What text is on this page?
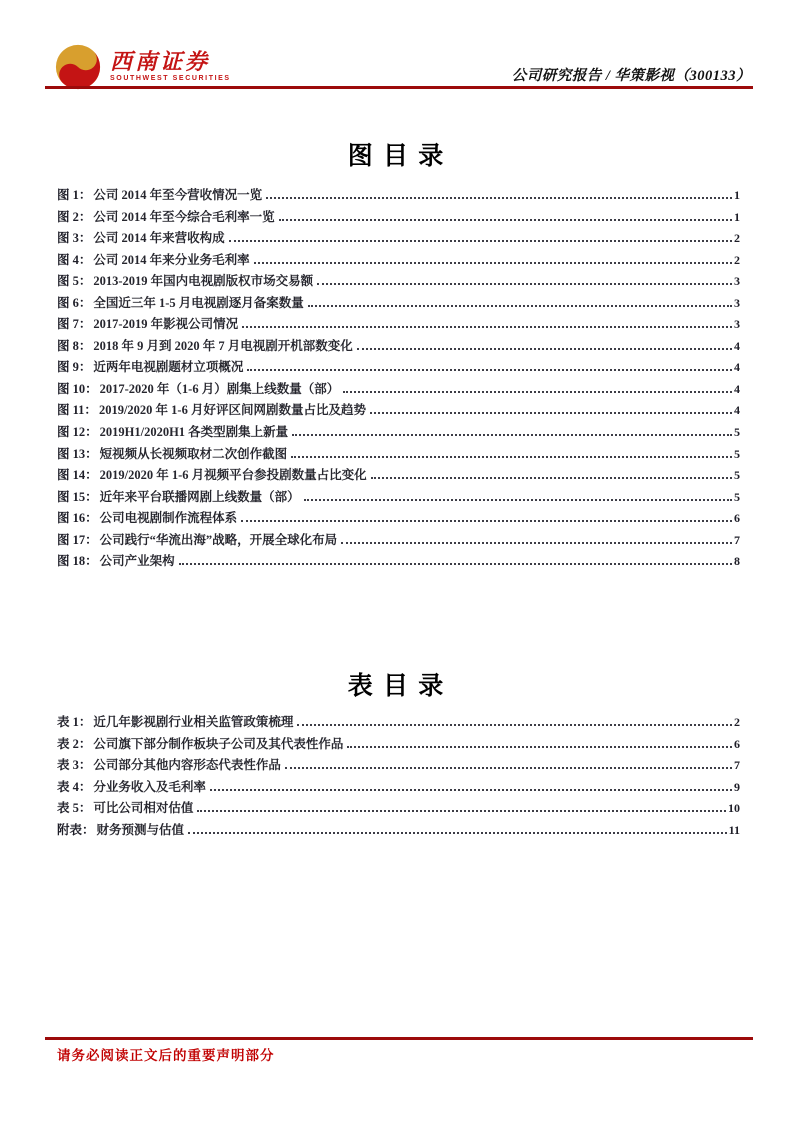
西南证券
SOUTHWEST SECURITIES	公司研究报告 / 华策影视（300133）
图 目 录
图 1： 公司 2014 年至今营收情况一览	1
图 2： 公司 2014 年至今综合毛利率一览	1
图 3： 公司 2014 年来营收构成	2
图 4： 公司 2014 年来分业务毛利率	2
图 5： 2013-2019 年国内电视剧版权市场交易额	3
图 6： 全国近三年 1-5 月电视剧逐月备案数量	3
图 7： 2017-2019 年影视公司情况	3
图 8： 2018 年 9 月到 2020 年 7 月电视剧开机部数变化	4
图 9： 近两年电视剧题材立项概况	4
图 10： 2017-2020 年（1-6 月）剧集上线数量（部）	4
图 11： 2019/2020 年 1-6 月好评区间网剧数量占比及趋势	4
图 12： 2019H1/2020H1 各类型剧集上新量	5
图 13： 短视频从长视频取材二次创作截图	5
图 14： 2019/2020 年 1-6 月视频平台参投剧数量占比变化	5
图 15： 近年来平台联播网剧上线数量（部）	5
图 16： 公司电视剧制作流程体系	6
图 17： 公司践行“华流出海”战略，开展全球化布局	7
图 18： 公司产业架构	8
表 目 录
表 1： 近几年影视剧行业相关监管政策梳理	2
表 2： 公司旗下部分制作板块子公司及其代表性作品	6
表 3： 公司部分其他内容形态代表性作品	7
表 4： 分业务收入及毛利率	9
表 5： 可比公司相对估值	10
附表： 财务预测与估值	11
请务必阅读正文后的重要声明部分
